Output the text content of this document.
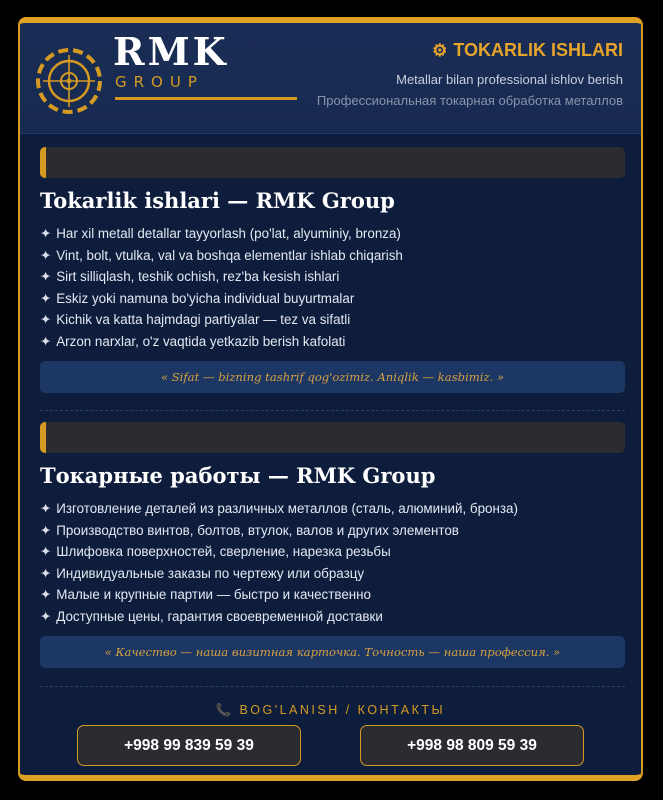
RMK
GROUP
⚙ TOKARLIK ISHLARI
Metallar bilan professional ishlov berish
Профессиональная токарная обработка металлов
Tokarlik ishlari — RMK Group
✦ Har xil metall detallar tayyorlash (po'lat, alyuminiy, bronza)
✦ Vint, bolt, vtulka, val va boshqa elementlar ishlab chiqarish
✦ Sirt silliqlash, teshik ochish, rez'ba kesish ishlari
✦ Eskiz yoki namuna bo'yicha individual buyurtmalar
✦ Kichik va katta hajmdagi partiyalar — tez va sifatli
✦ Arzon narxlar, o'z vaqtida yetkazib berish kafolati
« Sifat — bizning tashrif qog'ozimiz. Aniqlik — kasbimiz. »
Токарные работы — RMK Group
✦ Изготовление деталей из различных металлов (сталь, алюминий, бронза)
✦ Производство винтов, болтов, втулок, валов и других элементов
✦ Шлифовка поверхностей, сверление, нарезка резьбы
✦ Индивидуальные заказы по чертежу или образцу
✦ Малые и крупные партии — быстро и качественно
✦ Доступные цены, гарантия своевременной доставки
« Качество — наша визитная карточка. Точность — наша профессия. »
📞 BOG'LANISH / КОНТАКТЫ
+998 99 839 59 39	+998 98 809 59 39
